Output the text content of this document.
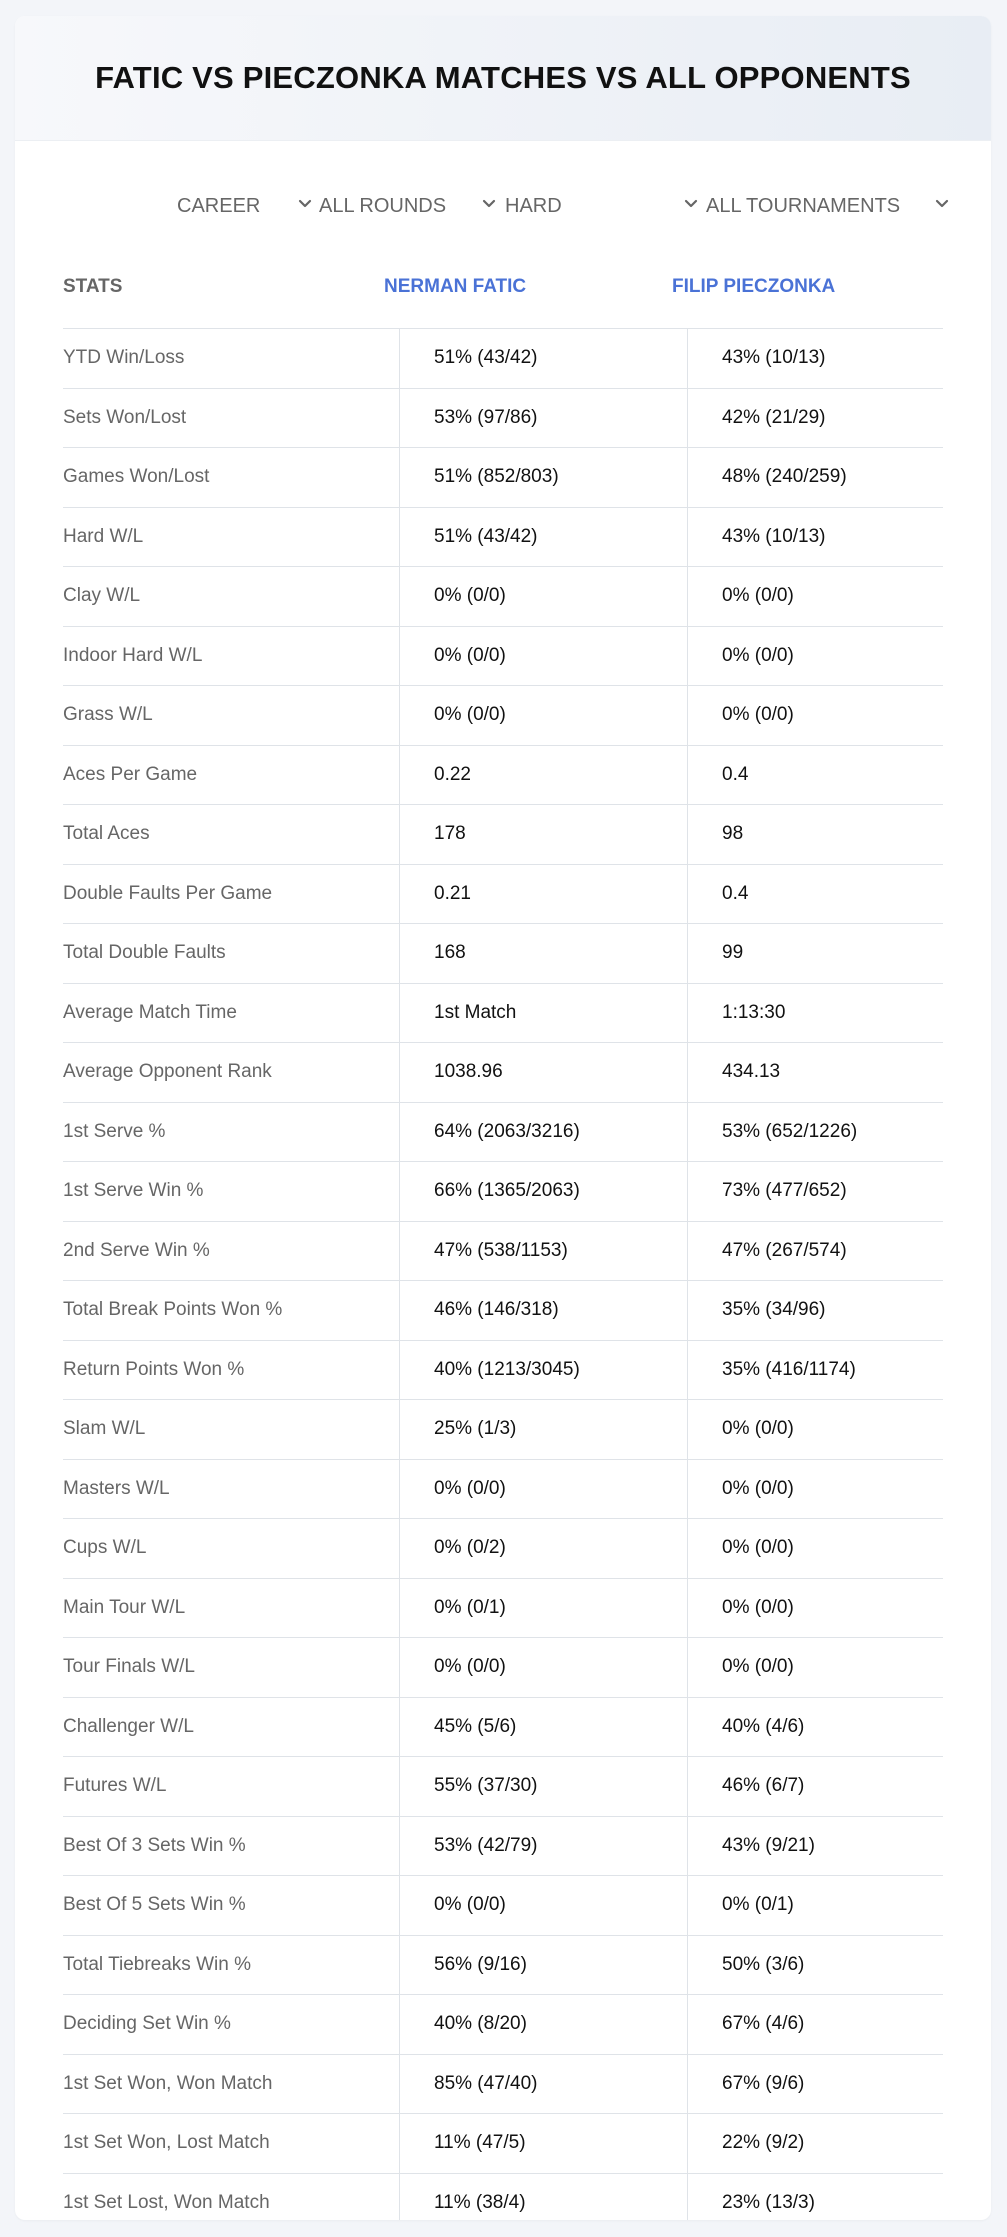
FATIC VS PIECZONKA MATCHES VS ALL OPPONENTS
CAREER	ALL ROUNDS	HARD	ALL TOURNAMENTS
STATS	NERMAN FATIC	FILIP PIECZONKA
YTD Win/Loss	51% (43/42)	43% (10/13)
Sets Won/Lost	53% (97/86)	42% (21/29)
Games Won/Lost	51% (852/803)	48% (240/259)
Hard W/L	51% (43/42)	43% (10/13)
Clay W/L	0% (0/0)	0% (0/0)
Indoor Hard W/L	0% (0/0)	0% (0/0)
Grass W/L	0% (0/0)	0% (0/0)
Aces Per Game	0.22	0.4
Total Aces	178	98
Double Faults Per Game	0.21	0.4
Total Double Faults	168	99
Average Match Time	1st Match	1:13:30
Average Opponent Rank	1038.96	434.13
1st Serve %	64% (2063/3216)	53% (652/1226)
1st Serve Win %	66% (1365/2063)	73% (477/652)
2nd Serve Win %	47% (538/1153)	47% (267/574)
Total Break Points Won %	46% (146/318)	35% (34/96)
Return Points Won %	40% (1213/3045)	35% (416/1174)
Slam W/L	25% (1/3)	0% (0/0)
Masters W/L	0% (0/0)	0% (0/0)
Cups W/L	0% (0/2)	0% (0/0)
Main Tour W/L	0% (0/1)	0% (0/0)
Tour Finals W/L	0% (0/0)	0% (0/0)
Challenger W/L	45% (5/6)	40% (4/6)
Futures W/L	55% (37/30)	46% (6/7)
Best Of 3 Sets Win %	53% (42/79)	43% (9/21)
Best Of 5 Sets Win %	0% (0/0)	0% (0/1)
Total Tiebreaks Win %	56% (9/16)	50% (3/6)
Deciding Set Win %	40% (8/20)	67% (4/6)
1st Set Won, Won Match	85% (47/40)	67% (9/6)
1st Set Won, Lost Match	11% (47/5)	22% (9/2)
1st Set Lost, Won Match	11% (38/4)	23% (13/3)
